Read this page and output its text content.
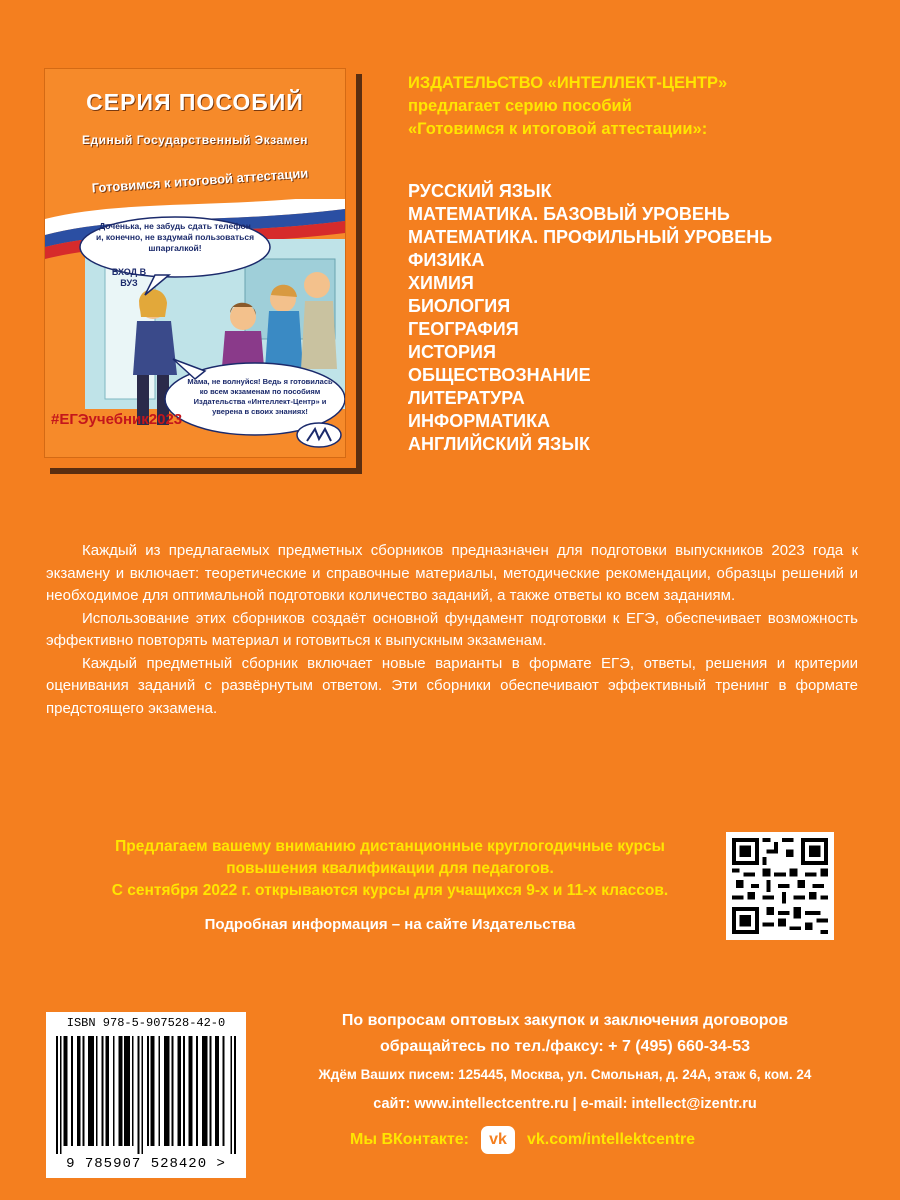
СЕРИЯ ПОСОБИЙ
Единый Государственный Экзамен
Готовимся к итоговой аттестации
Доченька, не забудь сдать телефон и, конечно, не вздумай пользоваться шпаргалкой!
Мама, не волнуйся! Ведь я готовилась ко всем экзаменам по пособиям Издательства «Интеллект-Центр» и уверена в своих знаниях!
ВХОД В ВУЗ
#ЕГЭучебник2023
ИЗДАТЕЛЬСТВО «ИНТЕЛЛЕКТ-ЦЕНТР»
предлагает серию пособий
«Готовимся к итоговой аттестации»:
РУССКИЙ ЯЗЫК
МАТЕМАТИКА. БАЗОВЫЙ УРОВЕНЬ
МАТЕМАТИКА. ПРОФИЛЬНЫЙ УРОВЕНЬ
ФИЗИКА
ХИМИЯ
БИОЛОГИЯ
ГЕОГРАФИЯ
ИСТОРИЯ
ОБЩЕСТВОЗНАНИЕ
ЛИТЕРАТУРА
ИНФОРМАТИКА
АНГЛИЙСКИЙ ЯЗЫК

Каждый из предлагаемых предметных сборников предназначен для подготовки выпускников 2023 года к экзамену и включает: теоретические и справочные материалы, методические рекомендации, образцы решений и необходимое для оптимальной подготовки количество заданий, а также ответы ко всем заданиям.

Использование этих сборников создаёт основной фундамент подготовки к ЕГЭ, обеспечивает возможность эффективно повторять материал и готовиться к выпускным экзаменам.

Каждый предметный сборник включает новые варианты в формате ЕГЭ, ответы, решения и критерии оценивания заданий с развёрнутым ответом. Эти сборники обеспечивают эффективный тренинг в формате предстоящего экзамена.

Предлагаем вашему вниманию дистанционные круглогодичные курсы
повышения квалификации для педагогов.
С сентября 2022 г. открываются курсы для учащихся 9-х и 11-х классов.
Подробная информация – на сайте Издательства
ISBN 978-5-907528-42-0
9 785907 528420 >
По вопросам оптовых закупок и заключения договоров
обращайтесь по тел./факсу: + 7 (495) 660-34-53
Ждём Ваших писем: 125445, Москва, ул. Смольная, д. 24А, этаж 6, ком. 24
сайт: www.intellectcentre.ru | e-mail: intellect@izentr.ru
Мы ВКонтакте: vk vk.com/intellektcentre
